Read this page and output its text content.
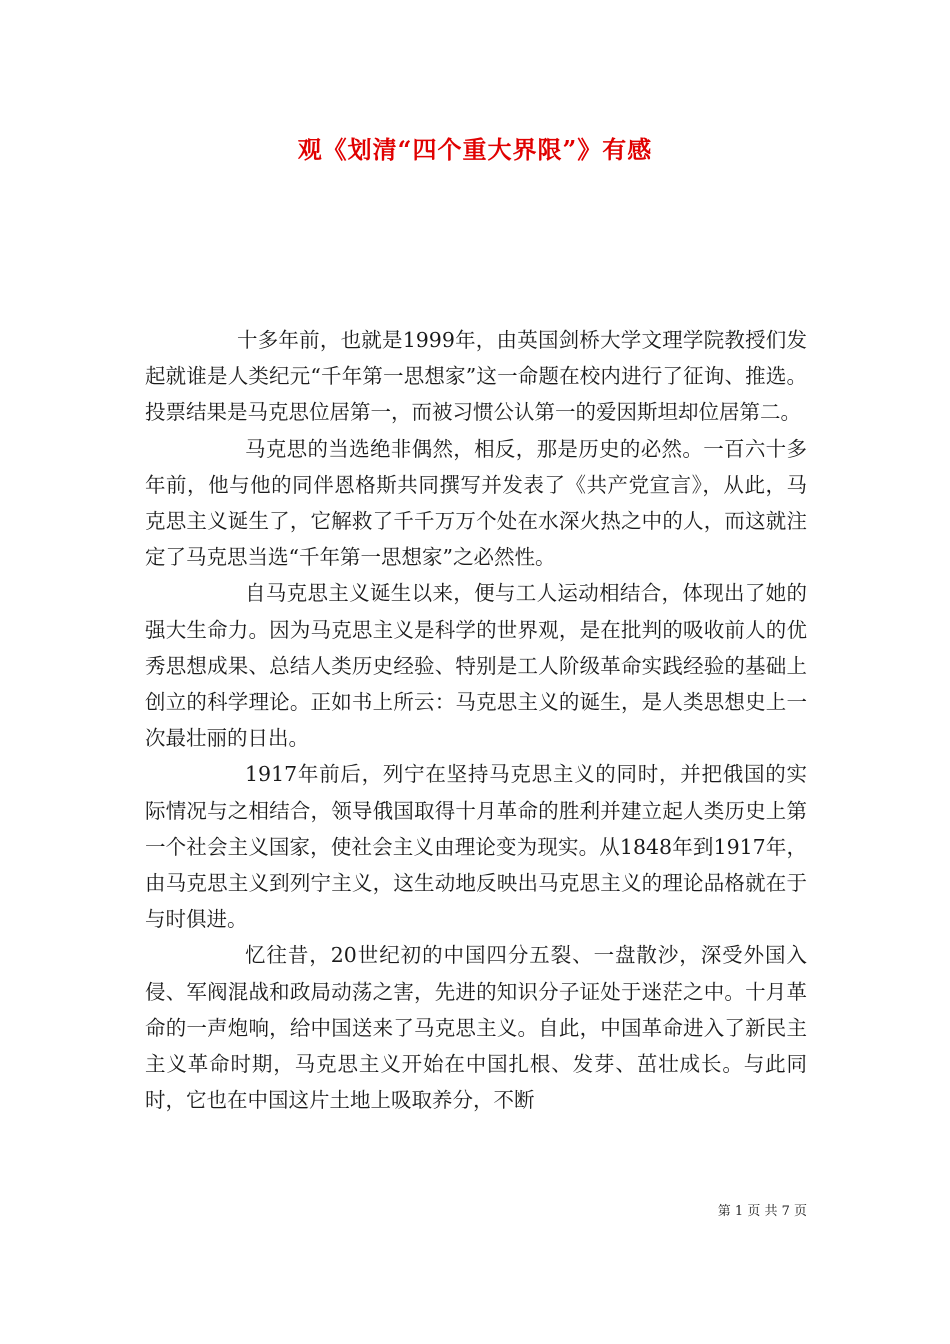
观《划清“四个重大界限”》有感

十多年前，也就是1999年，由英国剑桥大学文理学院教授们发起就谁是人类纪元“千年第一思想家”这一命题在校内进行了征询、推选。投票结果是马克思位居第一，而被习惯公认第一的爱因斯坦却位居第二。

马克思的当选绝非偶然，相反，那是历史的必然。一百六十多年前，他与他的同伴恩格斯共同撰写并发表了《共产党宣言》，从此，马克思主义诞生了，它解救了千千万万个处在水深火热之中的人，而这就注定了马克思当选“千年第一思想家”之必然性。

自马克思主义诞生以来，便与工人运动相结合，体现出了她的强大生命力。因为马克思主义是科学的世界观，是在批判的吸收前人的优秀思想成果、总结人类历史经验、特别是工人阶级革命实践经验的基础上创立的科学理论。正如书上所云：马克思主义的诞生，是人类思想史上一次最壮丽的日出。

1917年前后，列宁在坚持马克思主义的同时，并把俄国的实际情况与之相结合，领导俄国取得十月革命的胜利并建立起人类历史上第一个社会主义国家，使社会主义由理论变为现实。从1848年到1917年，由马克思主义到列宁主义，这生动地反映出马克思主义的理论品格就在于与时俱进。

忆往昔，20世纪初的中国四分五裂、一盘散沙，深受外国入侵、军阀混战和政局动荡之害，先进的知识分子证处于迷茫之中。十月革命的一声炮响，给中国送来了马克思主义。自此，中国革命进入了新民主主义革命时期，马克思主义开始在中国扎根、发芽、茁壮成长。与此同时，它也在中国这片土地上吸取养分，不断

第 1 页 共 7 页
